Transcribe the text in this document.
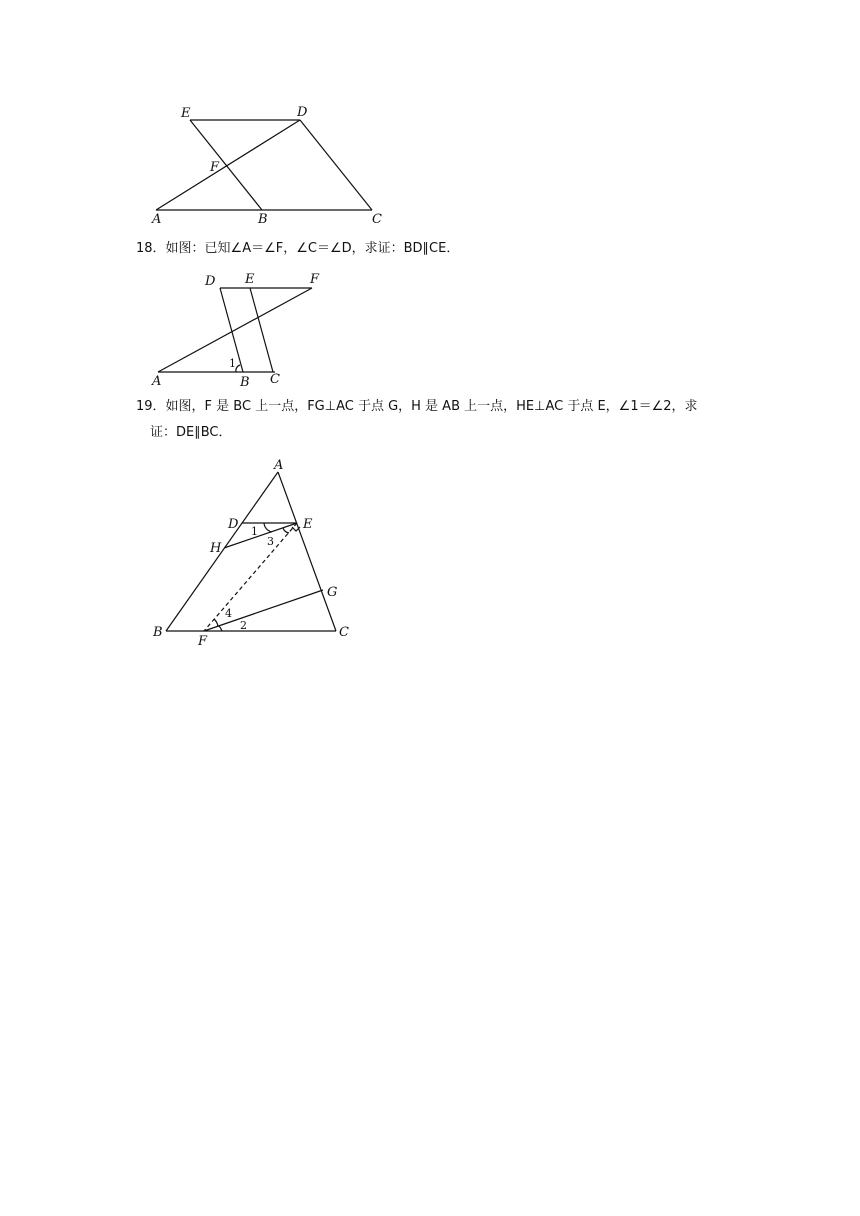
E	D
F
A	B	C
18．如图：已知∠A＝∠F，∠C＝∠D，求证：BD∥CE．
D E	F
A	B C
1
19．如图，F 是 BC 上一点，FG⊥AC 于点 G，H 是 AB 上一点，HE⊥AC 于点 E，∠1＝∠2，求
证：DE∥BC．
A
D	E
H
G
B
F
C
1
3
4
2
